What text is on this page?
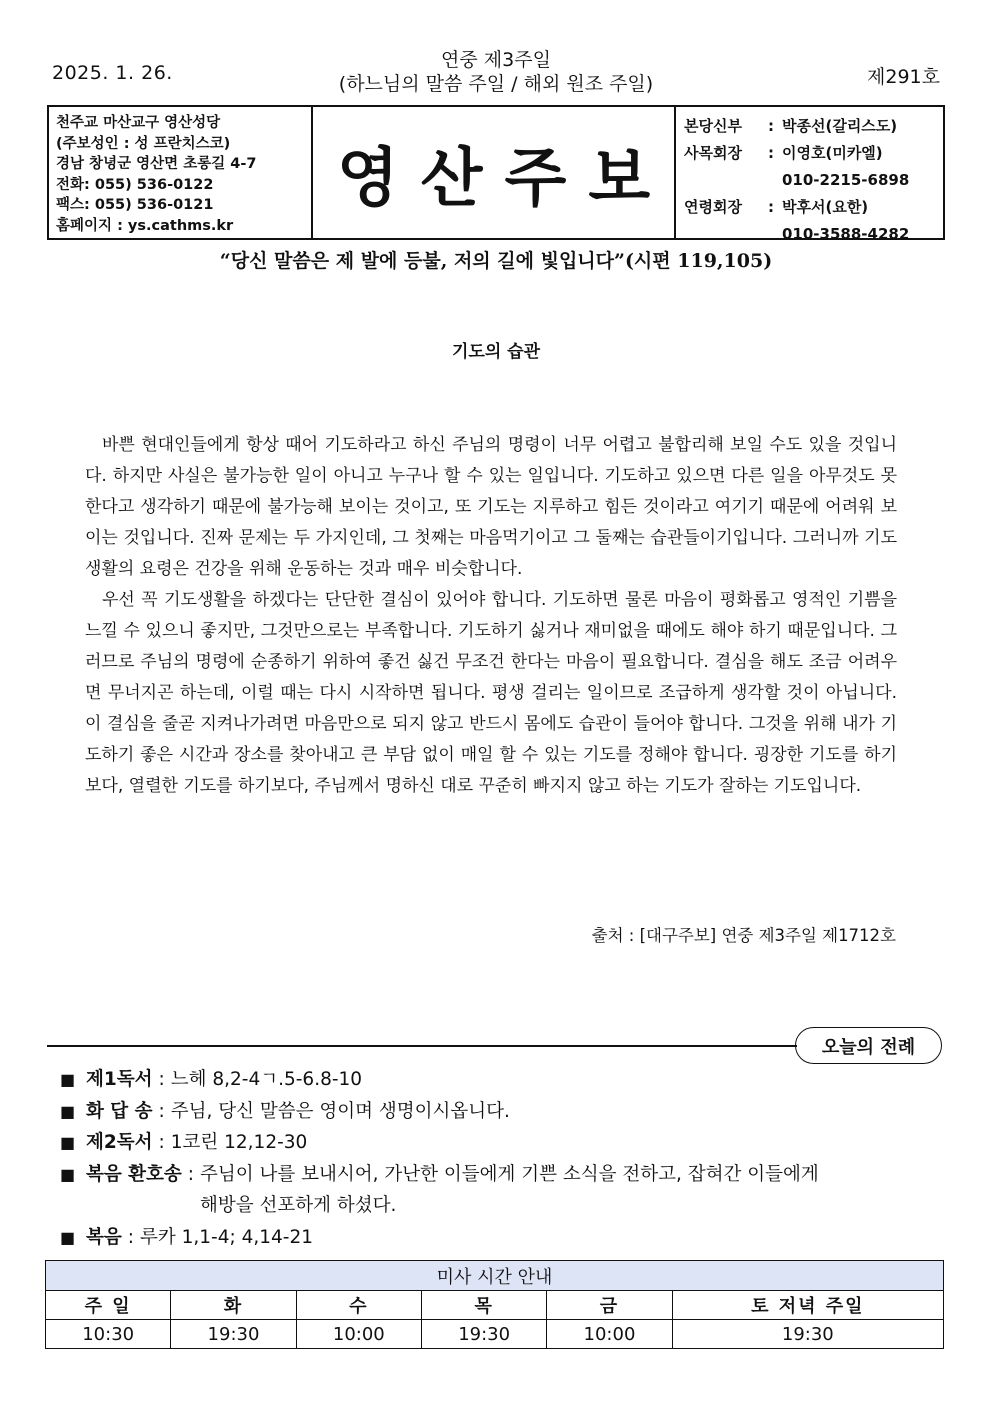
2025. 1. 26.
연중 제3주일
(하느님의 말씀 주일 / 해외 원조 주일)	제291호
천주교 마산교구 영산성당
(주보성인 : 성 프란치스코)
경남 창녕군 영산면 초롱길 4-7
전화: 055) 536-0122
팩스: 055) 536-0121
홈페이지 : ys.cathms.kr
영산주보
본당신부	: 박종선(갈리스도)
사목회장	: 이영호(미카엘)
010-2215-6898
연령회장	: 박후서(요한)
010-3588-4282
“당신 말씀은 제 발에 등불, 저의 길에 빛입니다”(시편 119,105)
기도의 습관

바쁜 현대인들에게 항상 때어 기도하라고 하신 주님의 명령이 너무 어렵고 불합리해 보일 수도 있을 것입니다. 하지만 사실은 불가능한 일이 아니고 누구나 할 수 있는 일입니다. 기도하고 있으면 다른 일을 아무것도 못 한다고 생각하기 때문에 불가능해 보이는 것이고, 또 기도는 지루하고 힘든 것이라고 여기기 때문에 어려워 보이는 것입니다. 진짜 문제는 두 가지인데, 그 첫째는 마음먹기이고 그 둘째는 습관들이기입니다. 그러니까 기도생활의 요령은 건강을 위해 운동하는 것과 매우 비슷합니다.

우선 꼭 기도생활을 하겠다는 단단한 결심이 있어야 합니다. 기도하면 물론 마음이 평화롭고 영적인 기쁨을 느낄 수 있으니 좋지만, 그것만으로는 부족합니다. 기도하기 싫거나 재미없을 때에도 해야 하기 때문입니다. 그러므로 주님의 명령에 순종하기 위하여 좋건 싫건 무조건 한다는 마음이 필요합니다. 결심을 해도 조금 어려우면 무너지곤 하는데, 이럴 때는 다시 시작하면 됩니다. 평생 걸리는 일이므로 조급하게 생각할 것이 아닙니다. 이 결심을 줄곧 지켜나가려면 마음만으로 되지 않고 반드시 몸에도 습관이 들어야 합니다. 그것을 위해 내가 기도하기 좋은 시간과 장소를 찾아내고 큰 부담 없이 매일 할 수 있는 기도를 정해야 합니다. 굉장한 기도를 하기보다, 열렬한 기도를 하기보다, 주님께서 명하신 대로 꾸준히 빠지지 않고 하는 기도가 잘하는 기도입니다.

출처 : [대구주보] 연중 제3주일 제1712호
오늘의 전례
■ 제1독서 : 느헤 8,2-4ㄱ.5-6.8-10
■ 화 답 송 : 주님, 당신 말씀은 영이며 생명이시옵니다.
■ 제2독서 : 1코린 12,12-30
■ 복음 환호송 : 주님이 나를 보내시어, 가난한 이들에게 기쁜 소식을 전하고, 잡혀간 이들에게
해방을 선포하게 하셨다.
■ 복음 : 루카 1,1-4; 4,14-21
미사 시간 안내					
주 일	화	수	목	금	토 저녁 주일
10:30	19:30	10:00	19:30	10:00	19:30
